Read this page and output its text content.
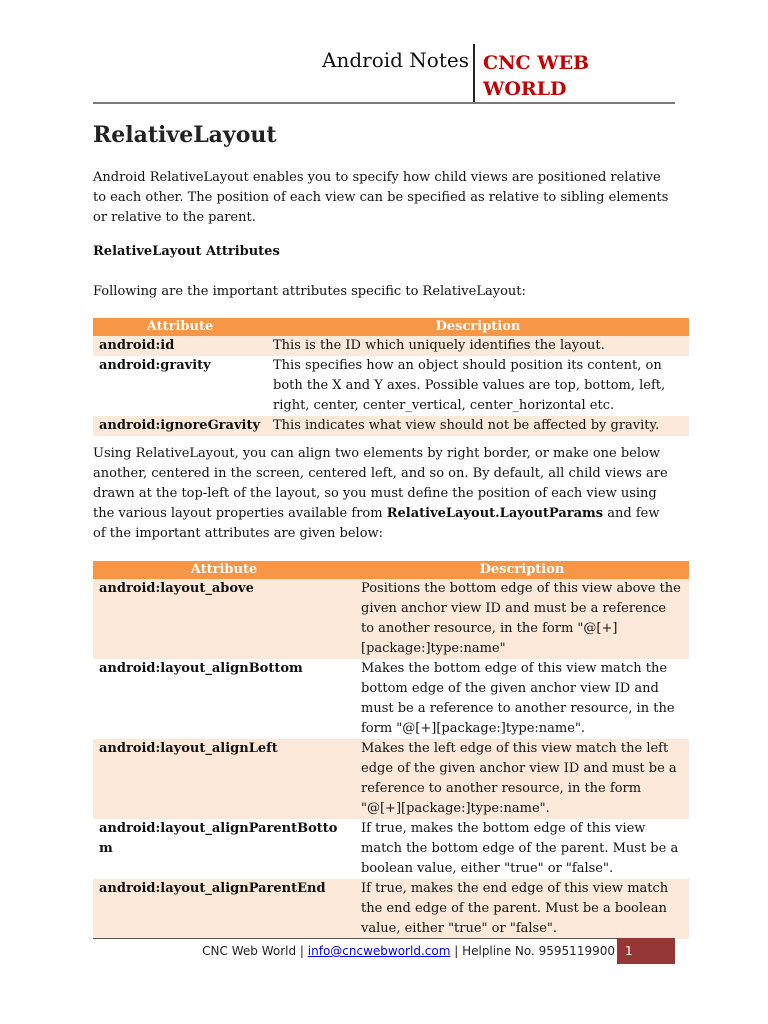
Android Notes CNC WEB
WORLD
RelativeLayout

Android RelativeLayout enables you to specify how child views are positioned relative to each other. The position of each view can be specified as relative to sibling elements or relative to the parent.

RelativeLayout Attributes

Following are the important attributes specific to RelativeLayout:

Attribute	Description
android:id	This is the ID which uniquely identifies the layout.
android:gravity	This specifies how an object should position its content, on both the X and Y axes. Possible values are top, bottom, left, right, center, center_vertical, center_horizontal etc.
android:ignoreGravity	This indicates what view should not be affected by gravity.

Using RelativeLayout, you can align two elements by right border, or make one below another, centered in the screen, centered left, and so on. By default, all child views are drawn at the top-left of the layout, so you must define the position of each view using the various layout properties available from RelativeLayout.LayoutParams and few of the important attributes are given below:

Attribute	Description
android:layout_above	Positions the bottom edge of this view above the given anchor view ID and must be a reference to another resource, in the form "@[+][package:]type:name"
android:layout_alignBottom	Makes the bottom edge of this view match the bottom edge of the given anchor view ID and must be a reference to another resource, in the form "@[+][package:]type:name".
android:layout_alignLeft	Makes the left edge of this view match the left edge of the given anchor view ID and must be a reference to another resource, in the form "@[+][package:]type:name".
android:layout_alignParentBottom	If true, makes the bottom edge of this view match the bottom edge of the parent. Must be a boolean value, either "true" or "false".
android:layout_alignParentEnd	If true, makes the end edge of this view match the end edge of the parent. Must be a boolean value, either "true" or "false".
CNC Web World | info@cncwebworld.com | Helpline No. 9595119900 1
